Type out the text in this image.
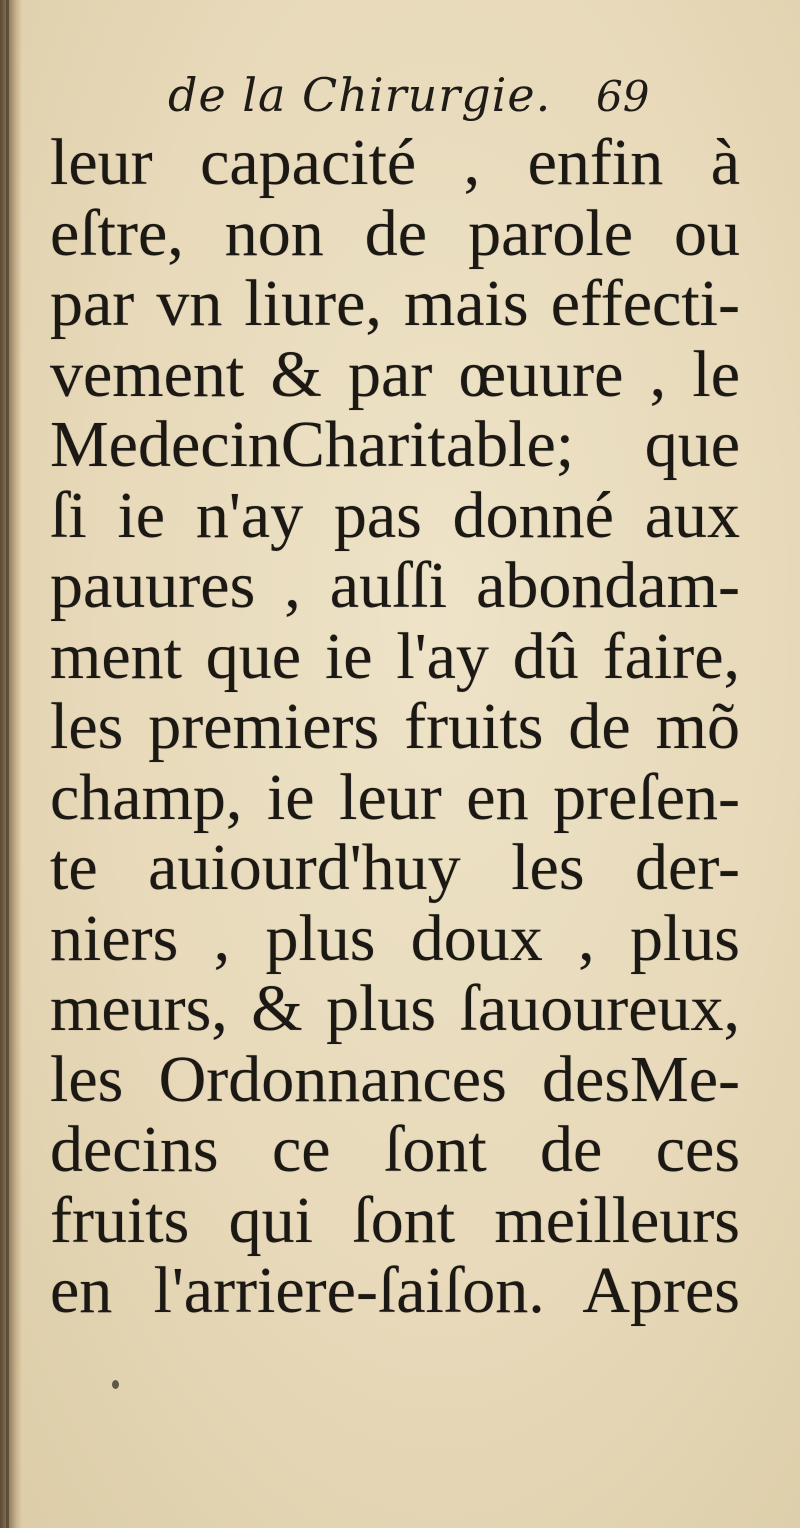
de la Chirurgie. 69
leur capacité , enfin à
eſtre, non de parole ou
par vn liure, mais effecti-
vement & par œuure , le
MedecinCharitable; que
ſi ie n'ay pas donné aux
pauures , auſſi abondam-
ment que ie l'ay dû faire,
les premiers fruits de mõ
champ, ie leur en preſen-
te auiourd'huy les der-
niers , plus doux , plus
meurs, & plus ſauoureux,
les Ordonnances desMe-
decins ce ſont de ces
fruits qui ſont meilleurs
en l'arriere-ſaiſon. Apres
